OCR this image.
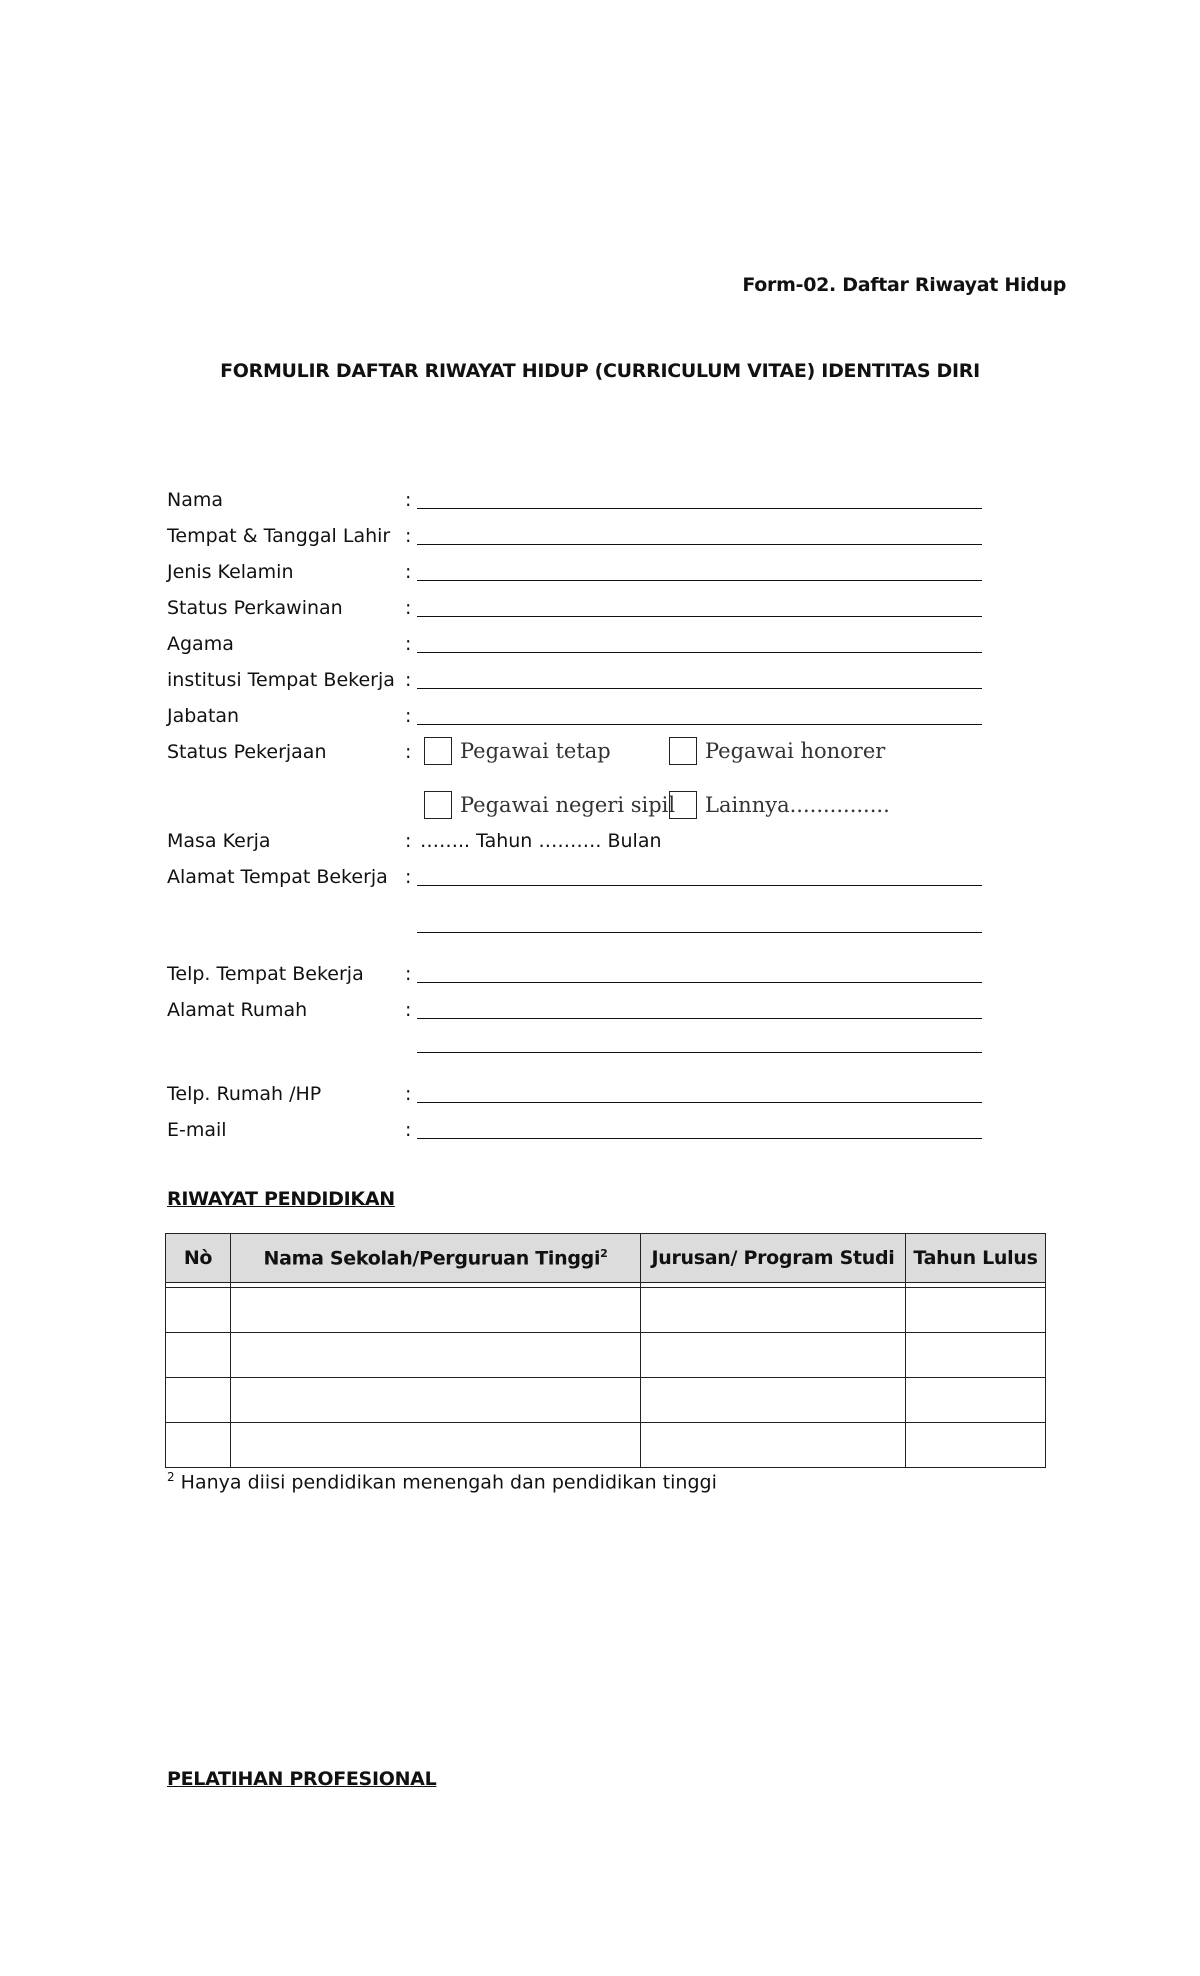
Form-02. Daftar Riwayat Hidup
FORMULIR DAFTAR RIWAYAT HIDUP (CURRICULUM VITAE) IDENTITAS DIRI
Nama	:
Tempat & Tanggal Lahir :
Jenis Kelamin	:
Status Perkawinan	:
Agama	:
institusi Tempat Bekerja :
Jabatan	:
Status Pekerjaan	: Pegawai tetap	Pegawai honorer
Pegawai negeri sipil Lainnya...............
Masa Kerja	: …….. Tahun ………. Bulan
Alamat Tempat Bekerja :
Telp. Tempat Bekerja :
Alamat Rumah	:
Telp. Rumah /HP	:
E-mail	:
RIWAYAT PENDIDIKAN
Nò	Nama Sekolah/Perguruan Tinggi$^2$	Jurusan/ Program Studi	Tahun Lulus

$^2$ Hanya diisi pendidikan menengah dan pendidikan tinggi
PELATIHAN PROFESIONAL
